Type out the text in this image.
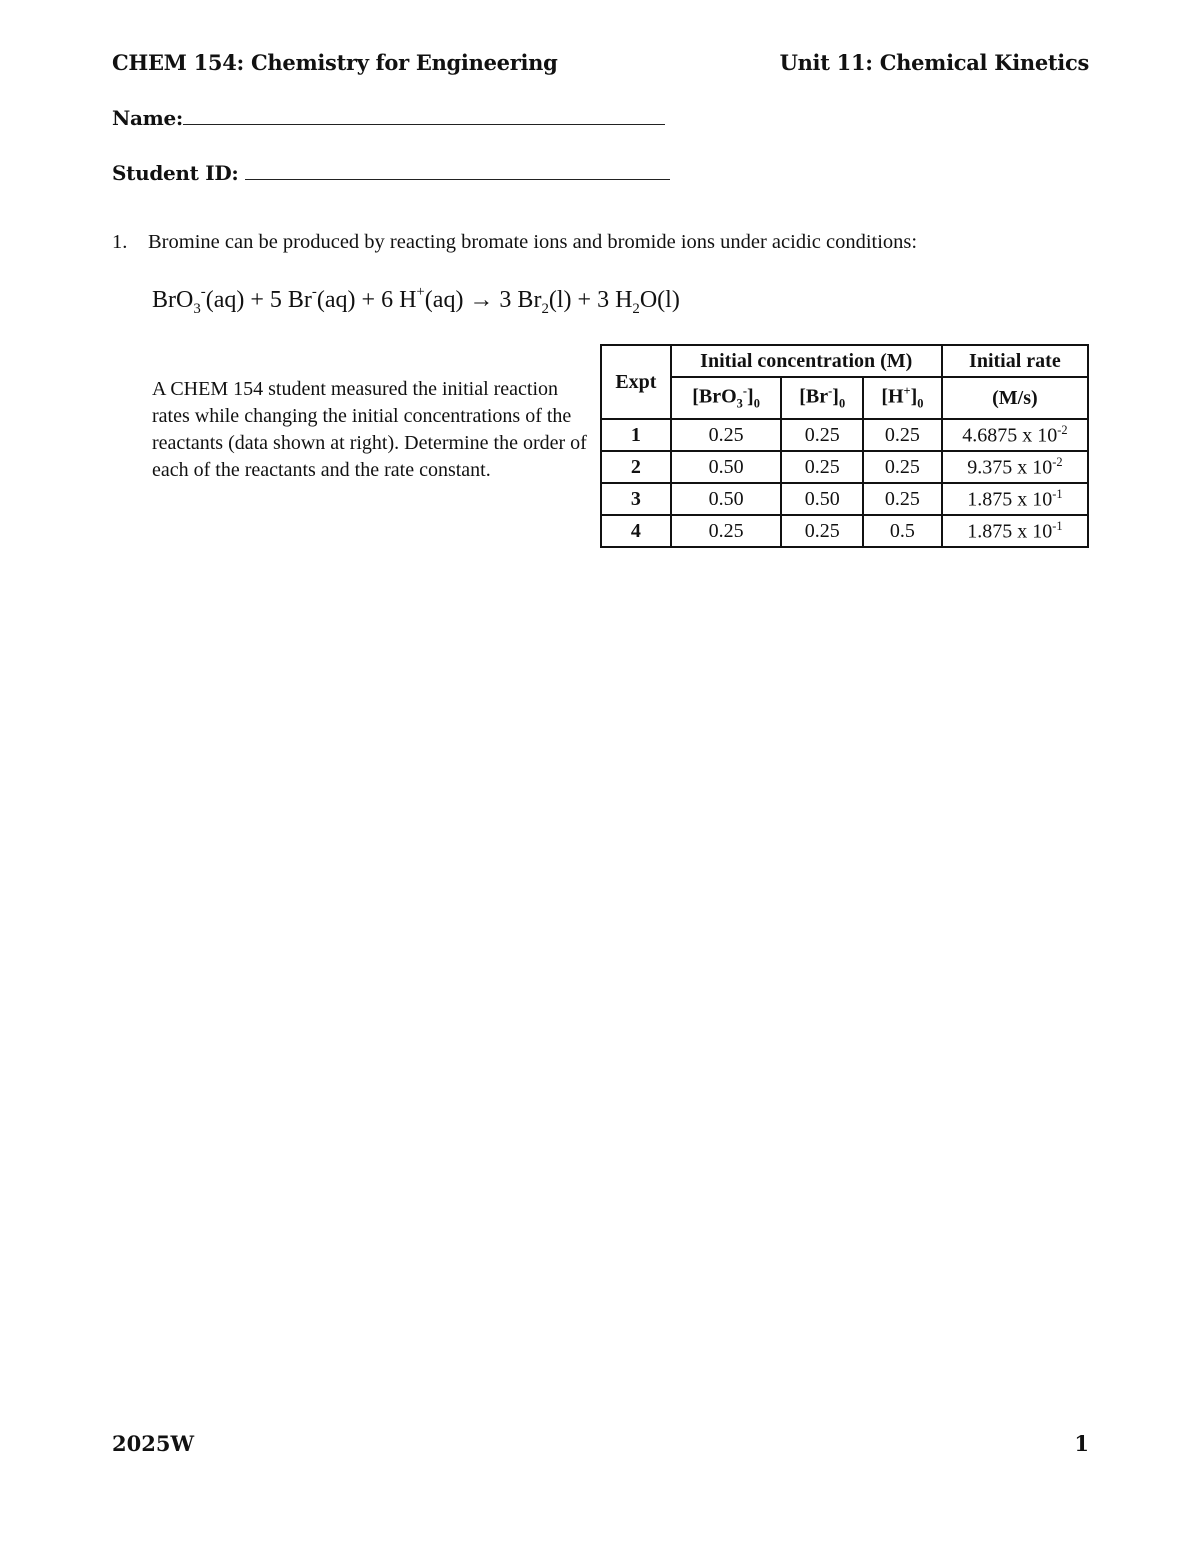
CHEM 154: Chemistry for Engineering	Unit 11: Chemical Kinetics
Name:
Student ID:
1. Bromine can be produced by reacting bromate ions and bromide ions under acidic conditions:
BrO$_3$-(aq) + 5 Br-(aq) + 6 H+(aq) → 3 $Br_2(l) + 3$ $H_2O(l)$
A CHEM 154 student measured the initial reaction rates while changing the initial concentrations of the reactants (data shown at right). Determine the order of each of the reactants and the rate constant.
Expt	Initial concentration (M)			Initial rate
	$[BrO_3^-]_0$	$[Br^-]_0$	$[H^+]_0$	(M/s)
1	0.25	0.25	0.25	4.6875 x $10^{-2}$
2	0.50	0.25	0.25	9.375 x $10^{-2}$
3	0.50	0.50	0.25	1.875 x $10^{-1}$
4	0.25	0.25	0.5	1.875 x $10^{-1}$
2025W	1
